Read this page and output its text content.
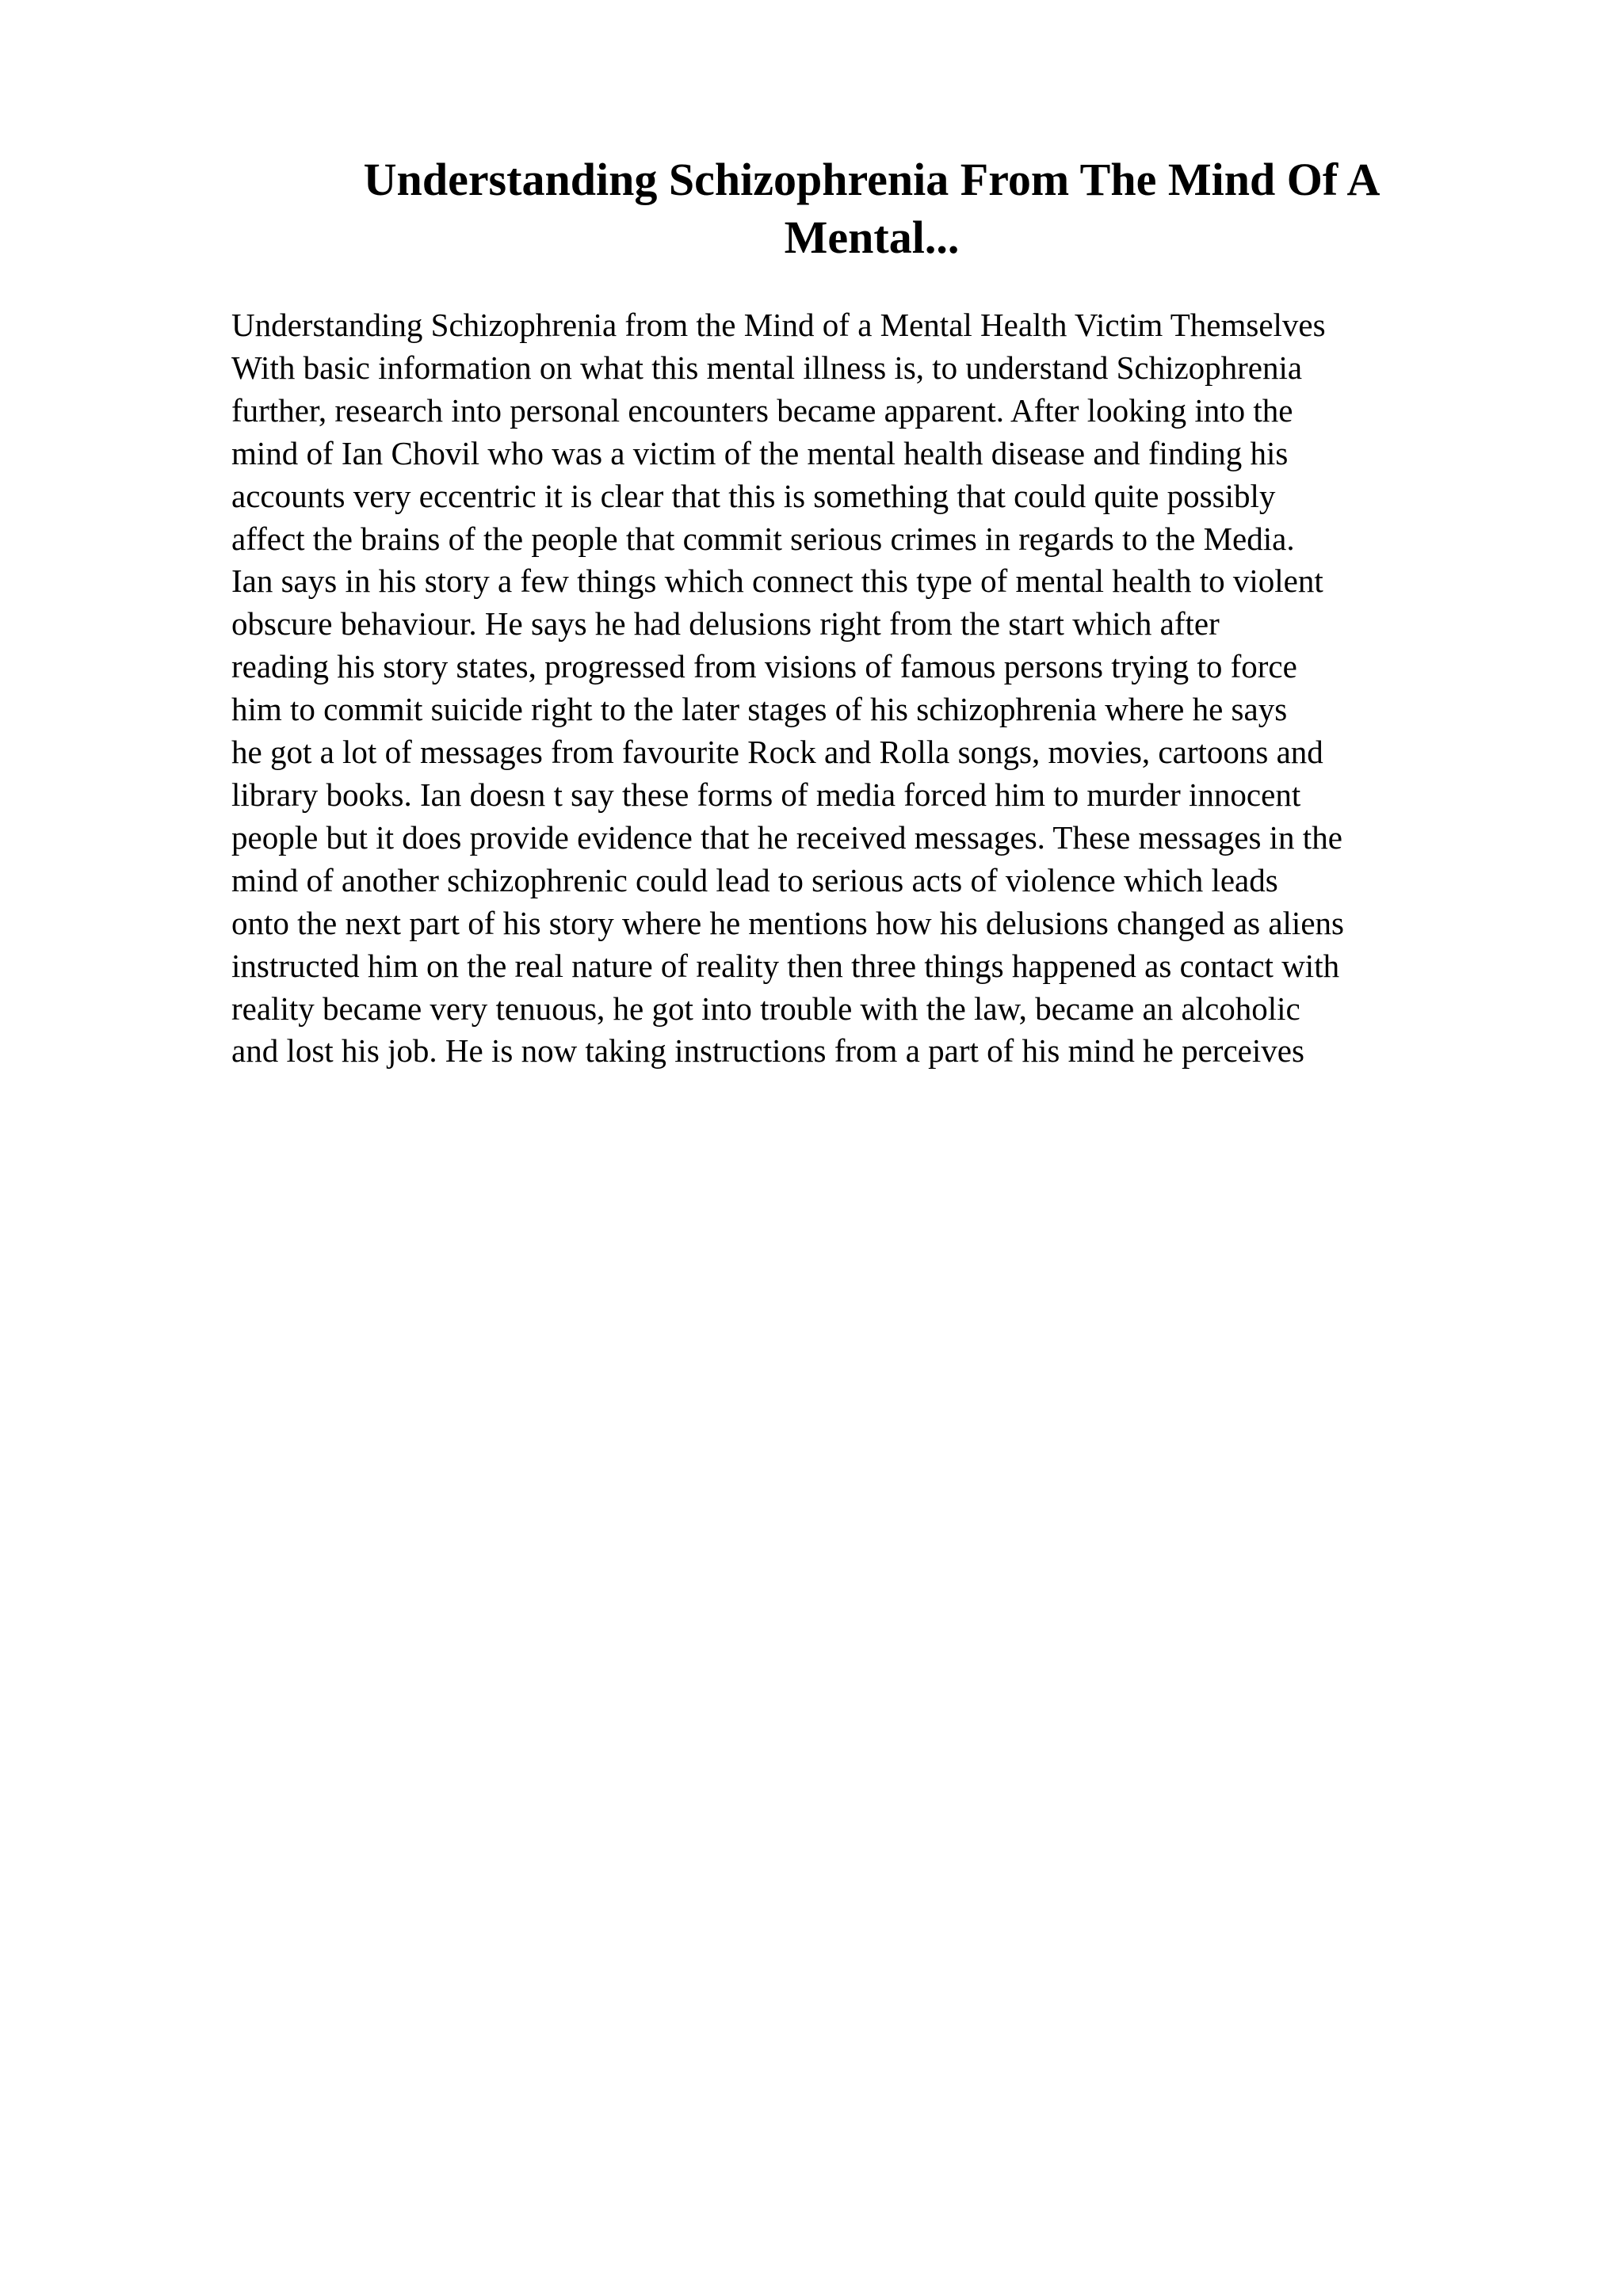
Understanding Schizophrenia From The Mind Of A
Mental...
Understanding Schizophrenia from the Mind of a Mental Health Victim Themselves
With basic information on what this mental illness is, to understand Schizophrenia
further, research into personal encounters became apparent. After looking into the
mind of Ian Chovil who was a victim of the mental health disease and finding his
accounts very eccentric it is clear that this is something that could quite possibly
affect the brains of the people that commit serious crimes in regards to the Media.
Ian says in his story a few things which connect this type of mental health to violent
obscure behaviour. He says he had delusions right from the start which after
reading his story states, progressed from visions of famous persons trying to force
him to commit suicide right to the later stages of his schizophrenia where he says
he got a lot of messages from favourite Rock and Rolla songs, movies, cartoons and
library books. Ian doesn t say these forms of media forced him to murder innocent
people but it does provide evidence that he received messages. These messages in the
mind of another schizophrenic could lead to serious acts of violence which leads
onto the next part of his story where he mentions how his delusions changed as aliens
instructed him on the real nature of reality then three things happened as contact with
reality became very tenuous, he got into trouble with the law, became an alcoholic
and lost his job. He is now taking instructions from a part of his mind he perceives
